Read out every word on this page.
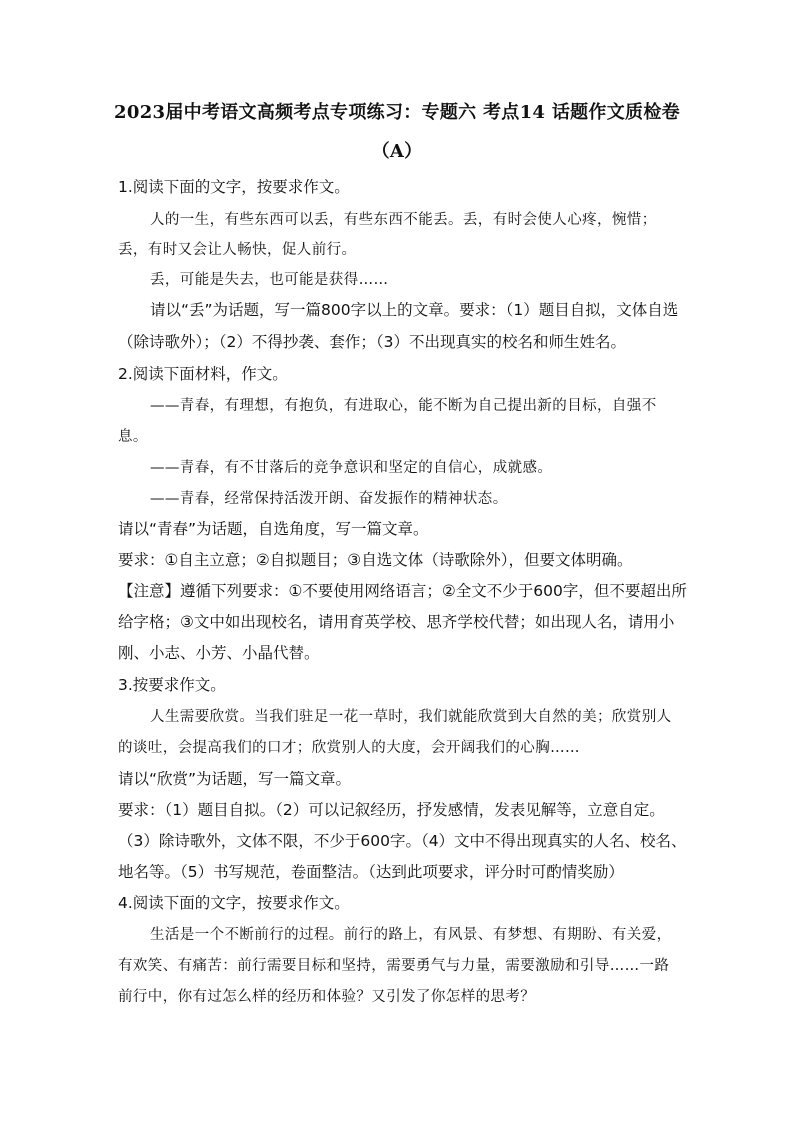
2023届中考语文高频考点专项练习：专题六 考点14 话题作文质检卷
（A）
1.阅读下面的文字，按要求作文。
人的一生，有些东西可以丢，有些东西不能丢。丢，有时会使人心疼，惋惜；
丢，有时又会让人畅快，促人前行。
丢，可能是失去，也可能是获得……
请以“丢”为话题，写一篇800字以上的文章。要求：（1）题目自拟，文体自选
（除诗歌外）；（2）不得抄袭、套作；（3）不出现真实的校名和师生姓名。
2.阅读下面材料，作文。
——青春，有理想，有抱负，有进取心，能不断为自己提出新的目标，自强不
息。
——青春，有不甘落后的竞争意识和坚定的自信心，成就感。
——青春，经常保持活泼开朗、奋发振作的精神状态。
请以“青春”为话题，自选角度，写一篇文章。
要求：①自主立意；②自拟题目；③自选文体（诗歌除外），但要文体明确。
【注意】遵循下列要求：①不要使用网络语言；②全文不少于600字，但不要超出所
给字格；③文中如出现校名，请用育英学校、思齐学校代替；如出现人名，请用小
刚、小志、小芳、小晶代替。
3.按要求作文。
人生需要欣赏。当我们驻足一花一草时，我们就能欣赏到大自然的美；欣赏别人
的谈吐，会提高我们的口才；欣赏别人的大度，会开阔我们的心胸……
请以“欣赏”为话题，写一篇文章。
要求：（1）题目自拟。（2）可以记叙经历，抒发感情，发表见解等，立意自定。
（3）除诗歌外，文体不限，不少于600字。（4）文中不得出现真实的人名、校名、
地名等。（5）书写规范，卷面整洁。（达到此项要求，评分时可酌情奖励）
4.阅读下面的文字，按要求作文。
生活是一个不断前行的过程。前行的路上，有风景、有梦想、有期盼、有关爱，
有欢笑、有痛苦：前行需要目标和坚持，需要勇气与力量，需要激励和引导……一路
前行中，你有过怎么样的经历和体验？又引发了你怎样的思考？
